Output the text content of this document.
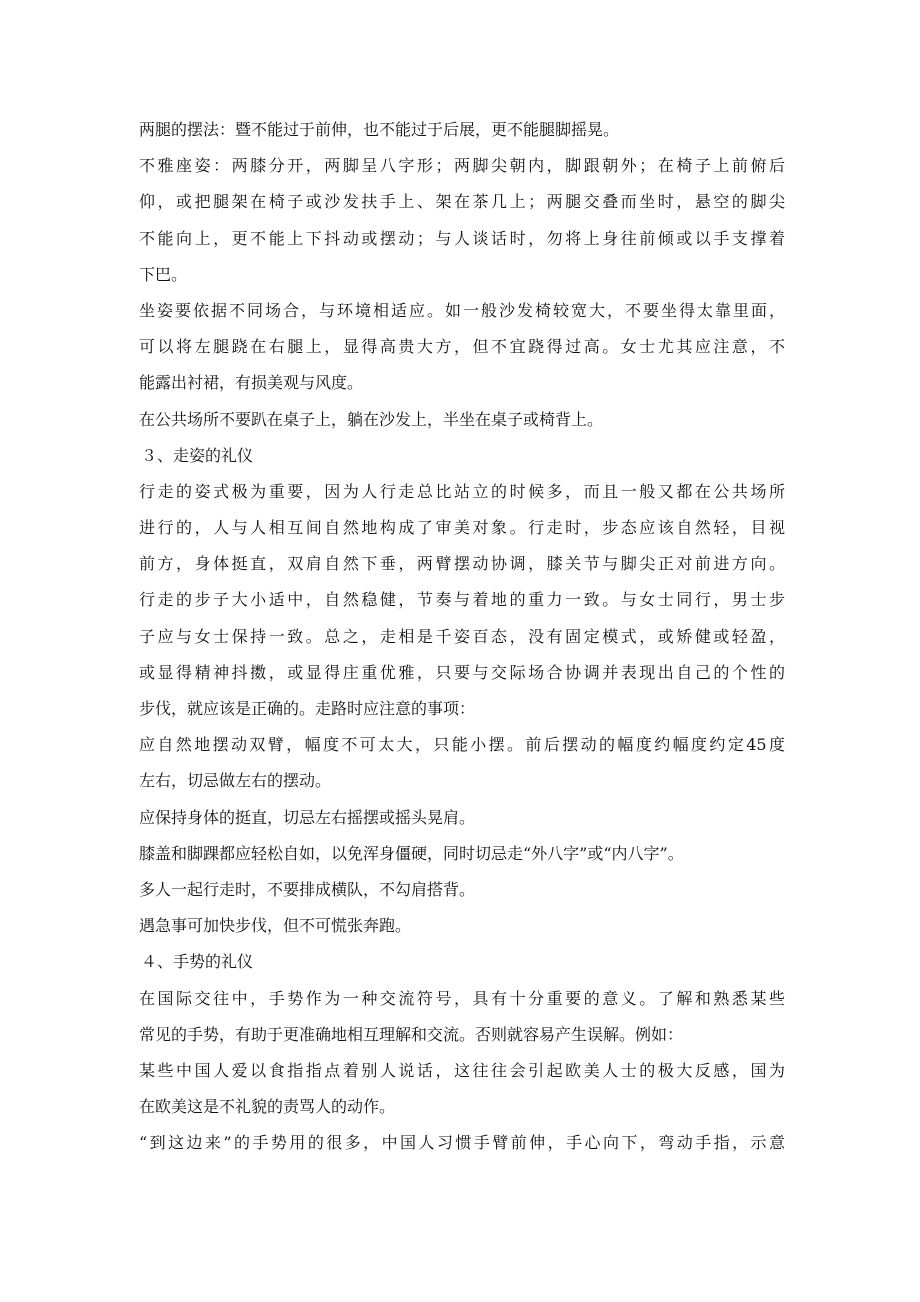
两腿的摆法：暨不能过于前伸，也不能过于后展，更不能腿脚摇晃。
不雅座姿：两膝分开，两脚呈八字形；两脚尖朝内，脚跟朝外；在椅子上前俯后
仰，或把腿架在椅子或沙发扶手上、架在茶几上；两腿交叠而坐时，悬空的脚尖
不能向上，更不能上下抖动或摆动；与人谈话时，勿将上身往前倾或以手支撑着
下巴。
坐姿要依据不同场合，与环境相适应。如一般沙发椅较宽大，不要坐得太靠里面，
可以将左腿跷在右腿上，显得高贵大方，但不宜跷得过高。女士尤其应注意，不
能露出衬裙，有损美观与风度。
在公共场所不要趴在桌子上，躺在沙发上，半坐在桌子或椅背上。
３、走姿的礼仪
行走的姿式极为重要，因为人行走总比站立的时候多，而且一般又都在公共场所
进行的，人与人相互间自然地构成了审美对象。行走时，步态应该自然轻，目视
前方，身体挺直，双肩自然下垂，两臂摆动协调，膝关节与脚尖正对前进方向。
行走的步子大小适中，自然稳健，节奏与着地的重力一致。与女士同行，男士步
子应与女士保持一致。总之，走相是千姿百态，没有固定模式，或矫健或轻盈，
或显得精神抖擞，或显得庄重优雅，只要与交际场合协调并表现出自己的个性的
步伐，就应该是正确的。走路时应注意的事项：
应自然地摆动双臂，幅度不可太大，只能小摆。前后摆动的幅度约幅度约定45度
左右，切忌做左右的摆动。
应保持身体的挺直，切忌左右摇摆或摇头晃肩。
膝盖和脚踝都应轻松自如，以免浑身僵硬，同时切忌走“外八字”或“内八字”。
多人一起行走时，不要排成横队，不勾肩搭背。
遇急事可加快步伐，但不可慌张奔跑。
４、手势的礼仪
在国际交往中，手势作为一种交流符号，具有十分重要的意义。了解和熟悉某些
常见的手势，有助于更准确地相互理解和交流。否则就容易产生误解。例如：
某些中国人爱以食指指点着别人说话，这往往会引起欧美人士的极大反感，国为
在欧美这是不礼貌的责骂人的动作。
“到这边来”的手势用的很多，中国人习惯手臂前伸，手心向下，弯动手指，示意
